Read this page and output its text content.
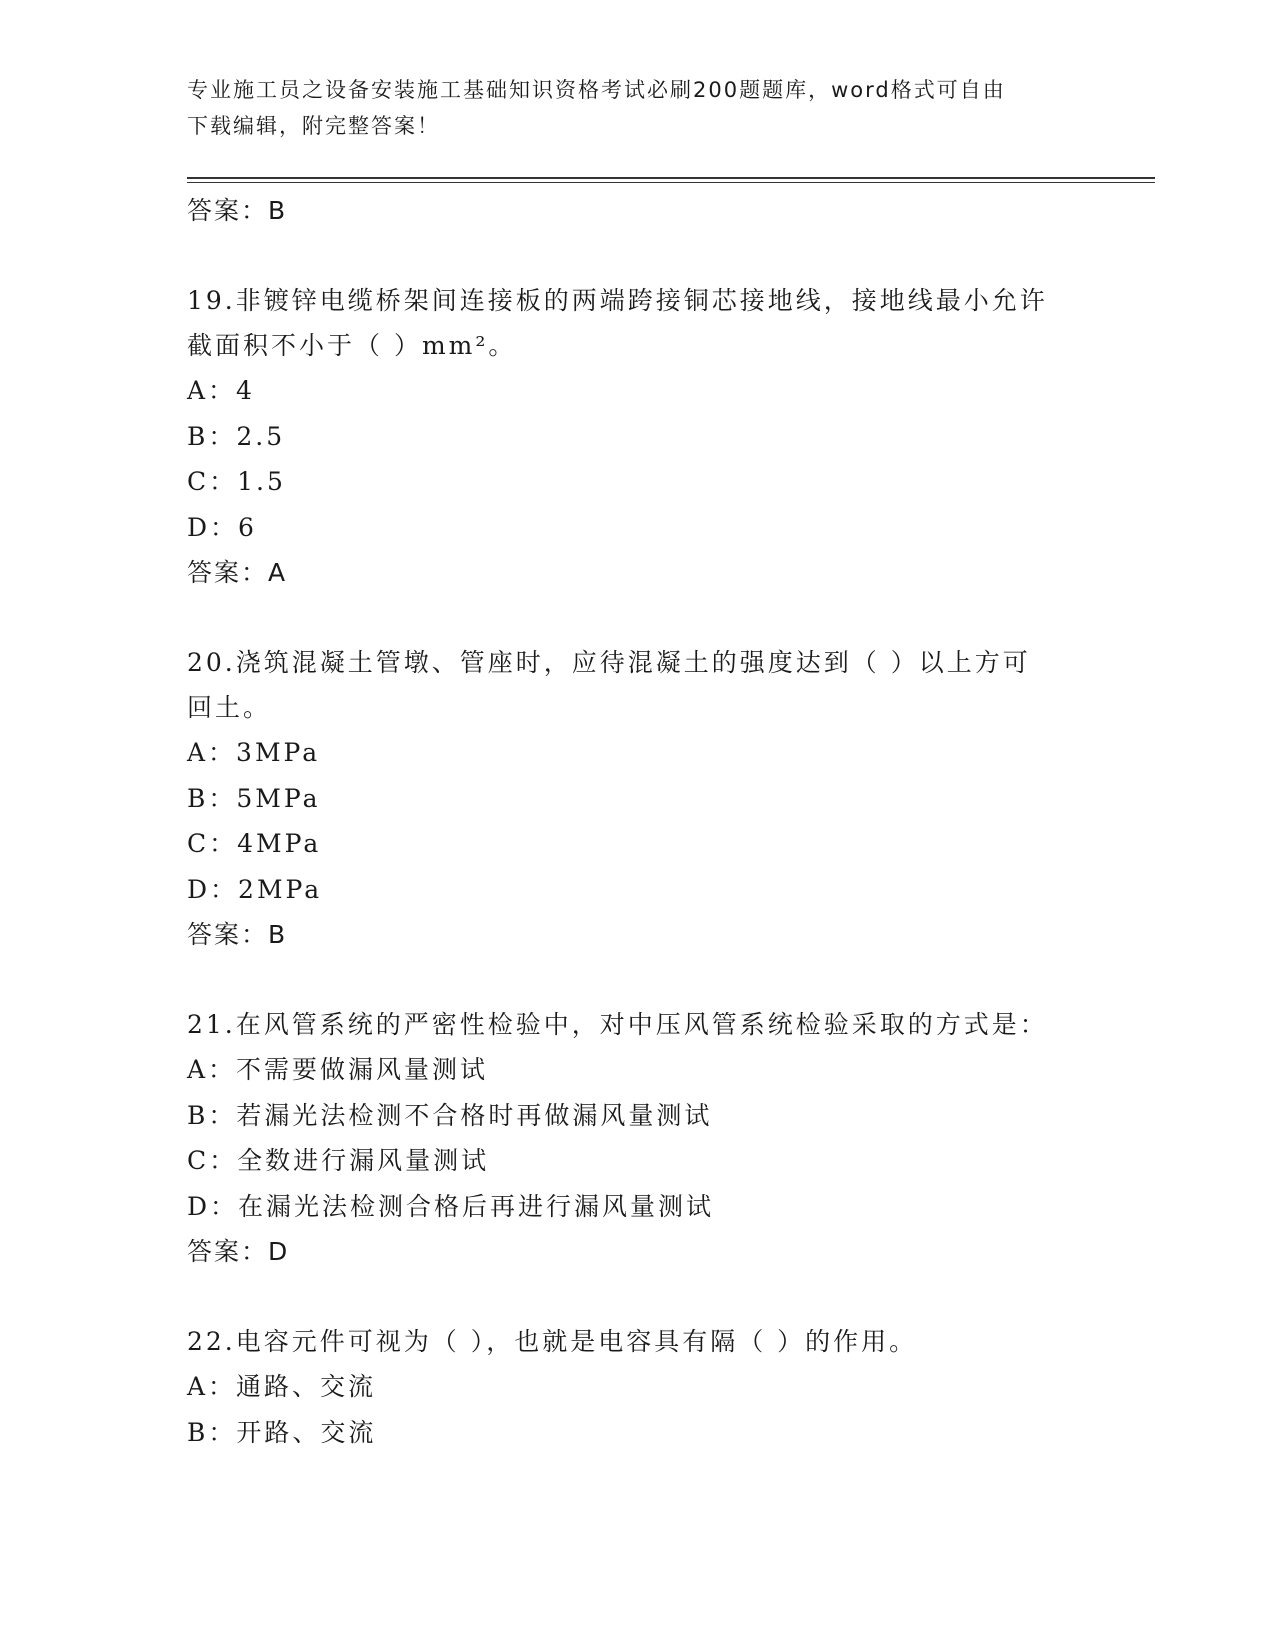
专业施工员之设备安装施工基础知识资格考试必刷200题题库，word格式可自由
下载编辑，附完整答案！
答案：B
19.非镀锌电缆桥架间连接板的两端跨接铜芯接地线，接地线最小允许
截面积不小于（ ）mm²。
A：4
B：2.5
C：1.5
D：6
答案：A
20.浇筑混凝土管墩、管座时，应待混凝土的强度达到（ ）以上方可
回土。
A：3MPa
B：5MPa
C：4MPa
D：2MPa
答案：B
21.在风管系统的严密性检验中，对中压风管系统检验采取的方式是：
A：不需要做漏风量测试
B：若漏光法检测不合格时再做漏风量测试
C：全数进行漏风量测试
D：在漏光法检测合格后再进行漏风量测试
答案：D
22.电容元件可视为（ ），也就是电容具有隔（ ）的作用。
A：通路、交流
B：开路、交流
